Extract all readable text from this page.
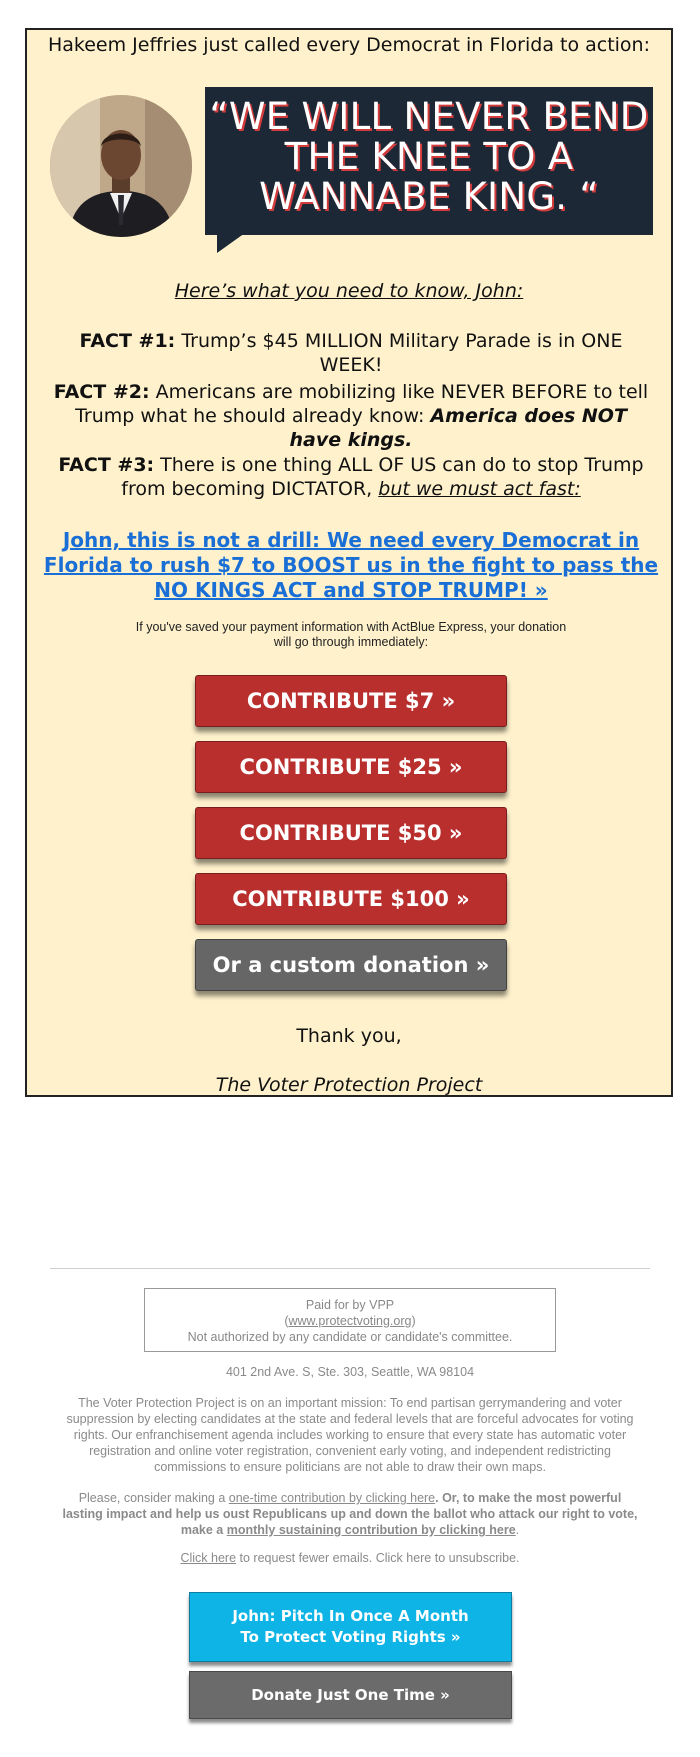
Hakeem Jeffries just called every Democrat in Florida to action:
“WE WILL NEVER BEND
THE KNEE TO A
WANNABE KING. “
Here’s what you need to know, John:
FACT #1: Trump’s $45 MILLION Military Parade is in ONE WEEK!
FACT #2: Americans are mobilizing like NEVER BEFORE to tell Trump what he should already know: America does NOT have kings.
FACT #3: There is one thing ALL OF US can do to stop Trump from becoming DICTATOR, but we must act fast:
John, this is not a drill: We need every Democrat in Florida to rush $7 to BOOST us in the fight to pass the NO KINGS ACT and STOP TRUMP! »
If you've saved your payment information with ActBlue Express, your donation will go through immediately:
CONTRIBUTE $7 »
CONTRIBUTE $25 »
CONTRIBUTE $50 »
CONTRIBUTE $100 »
Or a custom donation »
Thank you,
The Voter Protection Project
Paid for by VPP
(www.protectvoting.org)
Not authorized by any candidate or candidate's committee.
401 2nd Ave. S, Ste. 303, Seattle, WA 98104
The Voter Protection Project is on an important mission: To end partisan gerrymandering and voter suppression by electing candidates at the state and federal levels that are forceful advocates for voting rights. Our enfranchisement agenda includes working to ensure that every state has automatic voter registration and online voter registration, convenient early voting, and independent redistricting commissions to ensure politicians are not able to draw their own maps.
Please, consider making a one-time contribution by clicking here. Or, to make the most powerful lasting impact and help us oust Republicans up and down the ballot who attack our right to vote, make a monthly sustaining contribution by clicking here.
Click here to request fewer emails. Click here to unsubscribe.
John: Pitch In Once A Month To Protect Voting Rights »
Donate Just One Time »
